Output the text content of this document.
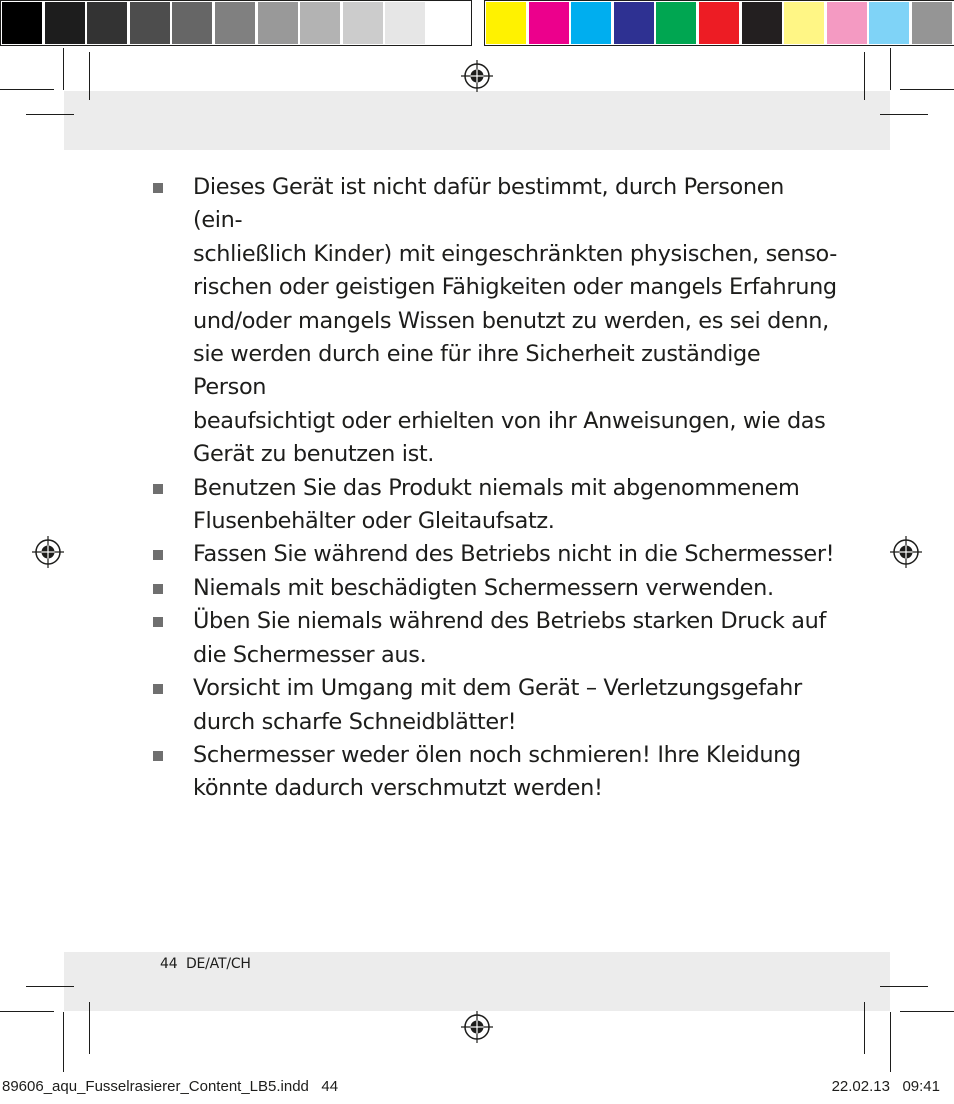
Dieses Gerät ist nicht dafür bestimmt, durch Personen (ein-
schließlich Kinder) mit eingeschränkten physischen, senso-
rischen oder geistigen Fähigkeiten oder mangels Erfahrung
und/oder mangels Wissen benutzt zu werden, es sei denn,
sie werden durch eine für ihre Sicherheit zuständige Person
beaufsichtigt oder erhielten von ihr Anweisungen, wie das
Gerät zu benutzen ist.

Benutzen Sie das Produkt niemals mit abgenommenem
Flusenbehälter oder Gleitaufsatz.

Fassen Sie während des Betriebs nicht in die Schermesser!

Niemals mit beschädigten Schermessern verwenden.

Üben Sie niemals während des Betriebs starken Druck auf
die Schermesser aus.

Vorsicht im Umgang mit dem Gerät – Verletzungsgefahr
durch scharfe Schneidblätter!

Schermesser weder ölen noch schmieren! Ihre Kleidung
könnte dadurch verschmutzt werden!

44 DE/AT/CH
89606_aqu_Fusselrasierer_Content_LB5.indd   44	22.02.13   09:41
